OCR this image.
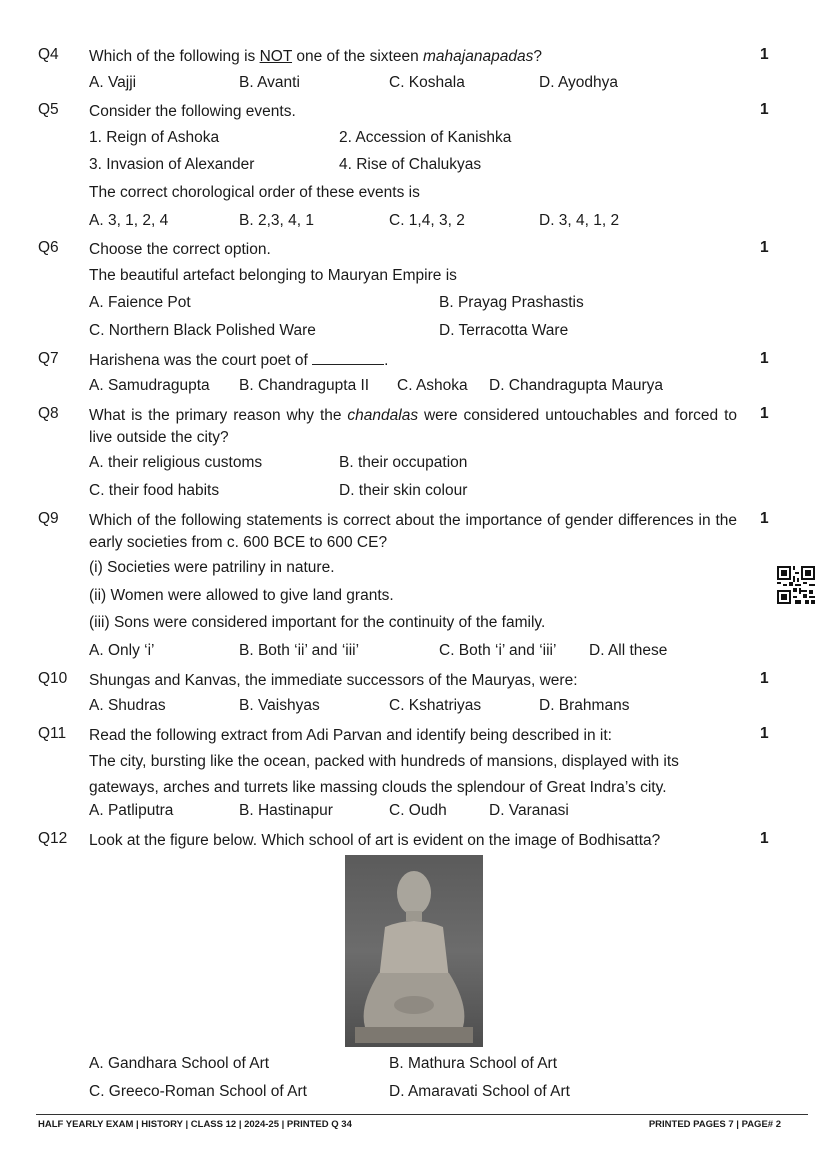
Q4 Which of the following is NOT one of the sixteen mahajanapadas?	1
A. Vajji	B. Avanti	C. Koshala	D. Ayodhya
Q5 Consider the following events.	1
1. Reign of Ashoka	2. Accession of Kanishka
3. Invasion of Alexander	4. Rise of Chalukyas
The correct chorological order of these events is
A. 3, 1, 2, 4	B. 2,3, 4, 1	C. 1,4, 3, 2	D. 3, 4, 1, 2
Q6 Choose the correct option.	1
The beautiful artefact belonging to Mauryan Empire is
A. Faience Pot	B. Prayag Prashastis
C. Northern Black Polished Ware	D. Terracotta Ware
Q7 Harishena was the court poet of	.	1
A. Samudragupta B. Chandragupta II C. Ashoka D. Chandragupta Maurya
Q8 What is the primary reason why the chandalas were considered untouchables and forced to live outside the city?
1
A. their religious customs	B. their occupation
C. their food habits	D. their skin colour
Q9 Which of the following statements is correct about the importance of gender differences in the early societies from c. 600 BCE to 600 CE?
1
(i) Societies were patriliny in nature.
(ii) Women were allowed to give land grants.
(iii) Sons were considered important for the continuity of the family.
A. Only ‘i’	B. Both ‘ii’ and ‘iii’	C. Both ‘i’ and ‘iii’ D. All these
Q10 Shungas and Kanvas, the immediate successors of the Mauryas, were:	1
A. Shudras	B. Vaishyas	C. Kshatriyas	D. Brahmans
Q11 Read the following extract from Adi Parvan and identify being described in it:	1
The city, bursting like the ocean, packed with hundreds of mansions, displayed with its gateways, arches and turrets like massing clouds the splendour of Great Indra’s city.
A. Patliputra	B. Hastinapur	C. Oudh	D. Varanasi
Q12 Look at the figure below. Which school of art is evident on the image of Bodhisatta?	1
A. Gandhara School of Art	B. Mathura School of Art
C. Greeco-Roman School of Art	D. Amaravati School of Art
HALF YEARLY EXAM | HISTORY | CLASS 12 | 2024-25 | PRINTED Q 34	PRINTED PAGES 7 | PAGE# 2
